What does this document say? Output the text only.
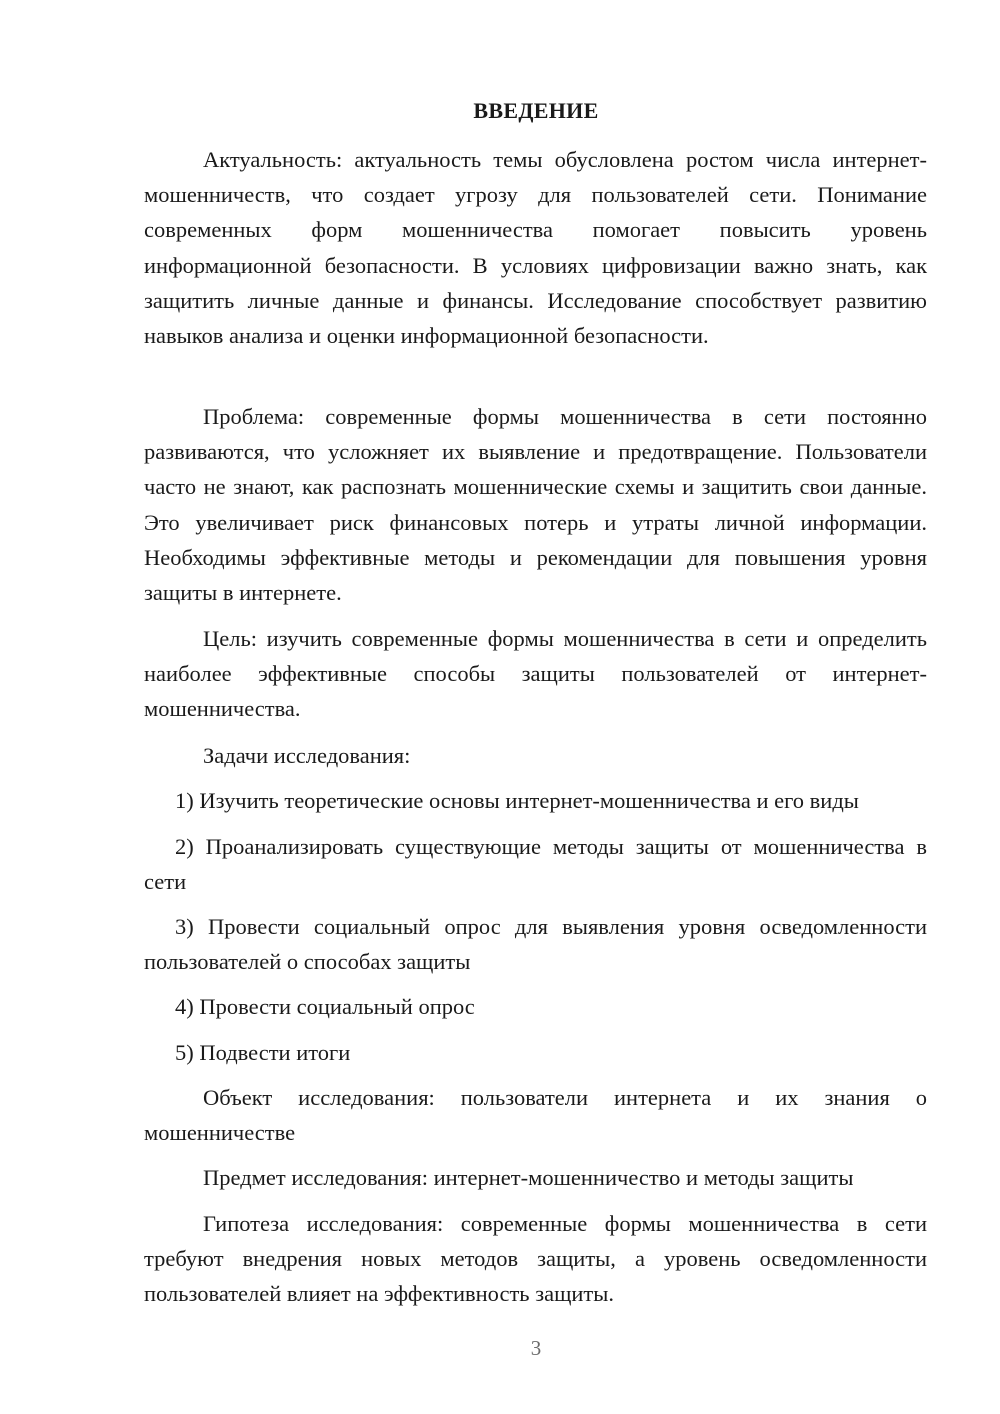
ВВЕДЕНИЕ

Актуальность: актуальность темы обусловлена ростом числа интернет-мошенничеств, что создает угрозу для пользователей сети. Понимание современных форм мошенничества помогает повысить уровень информационной безопасности. В условиях цифровизации важно знать, как защитить личные данные и финансы. Исследование способствует развитию навыков анализа и оценки информационной безопасности.

Проблема: современные формы мошенничества в сети постоянно развиваются, что усложняет их выявление и предотвращение. Пользователи часто не знают, как распознать мошеннические схемы и защитить свои данные. Это увеличивает риск финансовых потерь и утраты личной информации. Необходимы эффективные методы и рекомендации для повышения уровня защиты в интернете.

Цель: изучить современные формы мошенничества в сети и определить наиболее эффективные способы защиты пользователей от интернет-мошенничества.

Задачи исследования:

1) Изучить теоретические основы интернет-мошенничества и его виды

2) Проанализировать существующие методы защиты от мошенничества в сети

3) Провести социальный опрос для выявления уровня осведомленности пользователей о способах защиты

4) Провести социальный опрос

5) Подвести итоги

Объект исследования: пользователи интернета и их знания о мошенничестве

Предмет исследования: интернет-мошенничество и методы защиты

Гипотеза исследования: современные формы мошенничества в сети требуют внедрения новых методов защиты, а уровень осведомленности пользователей влияет на эффективность защиты.

3
